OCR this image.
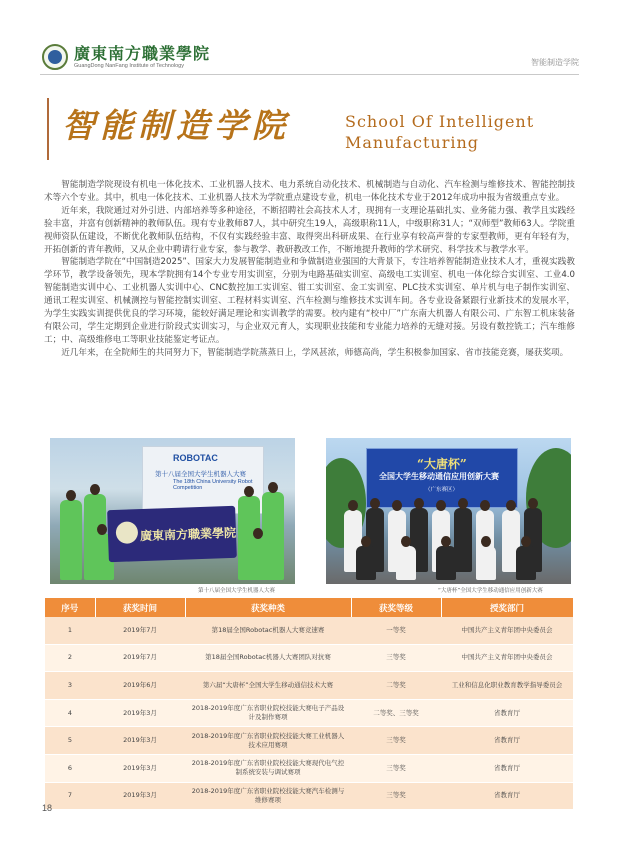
廣東南方職業學院
GuangDong NanFang Institute of Technology	智能制造学院
智能制造学院	School Of Intelligent
Manufacturing

智能制造学院现设有机电一体化技术、工业机器人技术、电力系统自动化技术、机械制造与自动化、汽车检测与维修技术、智能控制技术等六个专业。其中，机电一体化技术、工业机器人技术为学院重点建设专业，机电一体化技术专业于2012年成功申报为省级重点专业。

近年来，我院通过对外引进、内部培养等多种途径，不断招聘社会高技术人才，现拥有一支理论基础扎实、业务能力强、教学且实践经验丰富，并富有创新精神的教师队伍。现有专业教师87人，其中研究生19人，高级职称11人，中级职称31人；“双师型”教师63人。学院重视师资队伍建设，不断优化教师队伍结构，不仅有实践经验丰富、取得突出科研成果、在行业享有较高声誉的专家型教师，更有年轻有为，开拓创新的青年教师，又从企业中聘请行业专家，参与教学、教研教改工作，不断地提升教师的学术研究、科学技术与教学水平。

智能制造学院在“中国制造2025”、国家大力发展智能制造业和争做制造业强国的大背景下，专注培养智能制造业技术人才，重视实践教学环节，教学设备领先，现本学院拥有14个专业专用实训室，分别为电路基础实训室、高级电工实训室、机电一体化综合实训室、工业4.0智能制造实训中心、工业机器人实训中心、CNC数控加工实训室、钳工实训室、金工实训室、PLC技术实训室、单片机与电子制作实训室、通讯工程实训室、机械测控与智能控制实训室、工程材料实训室、汽车检测与维修技术实训车间。各专业设备紧跟行业新技术的发展水平，为学生实践实训提供优良的学习环境，能较好满足理论和实训教学的需要。校内建有“校中厂”广东南大机器人有限公司、广东智工机床装备有限公司，学生定期到企业进行阶段式实训实习，与企业双元育人，实现职业技能和专业能力培养的无缝对接。另设有数控铣工；汽车维修工；中、高级维修电工等职业技能鉴定考证点。

近几年来，在全院师生的共同努力下，智能制造学院蒸蒸日上，学风甚浓，师德高尚，学生积极参加国家、省市技能竞赛，屡获奖项。

ROBOTAC
第十八届全国大学生机器人大赛
The 18th China University Robot Competition
廣東南方職業學院
第十八届全国大学生机器人大赛
“大唐杯”
全国大学生移动通信应用创新大赛
（广东赛区）
“大唐杯”全国大学生移动通信应用创新大赛
序号	获奖时间	获奖种类	获奖等级	授奖部门
1	2019年7月	第18届全国Robotac机器人大赛竞速赛	一等奖	中国共产主义青年团中央委员会
2	2019年7月	第18届全国Robotac机器人大赛团队对抗赛	三等奖	中国共产主义青年团中央委员会
3	2019年6月	第六届“大唐杯”全国大学生移动通信技术大赛	二等奖	工业和信息化职业教育教学指导委员会
4	2019年3月	2018-2019年度广东省职业院校技能大赛电子产品设计及制作赛项	二等奖、三等奖	省教育厅
5	2019年3月	2018-2019年度广东省职业院校技能大赛工业机器人技术应用赛项	三等奖	省教育厅
6	2019年3月	2018-2019年度广东省职业院校技能大赛现代电气控制系统安装与调试赛项	三等奖	省教育厅
7	2019年3月	2018-2019年度广东省职业院校技能大赛汽车检测与维修赛项	三等奖	省教育厅
18
